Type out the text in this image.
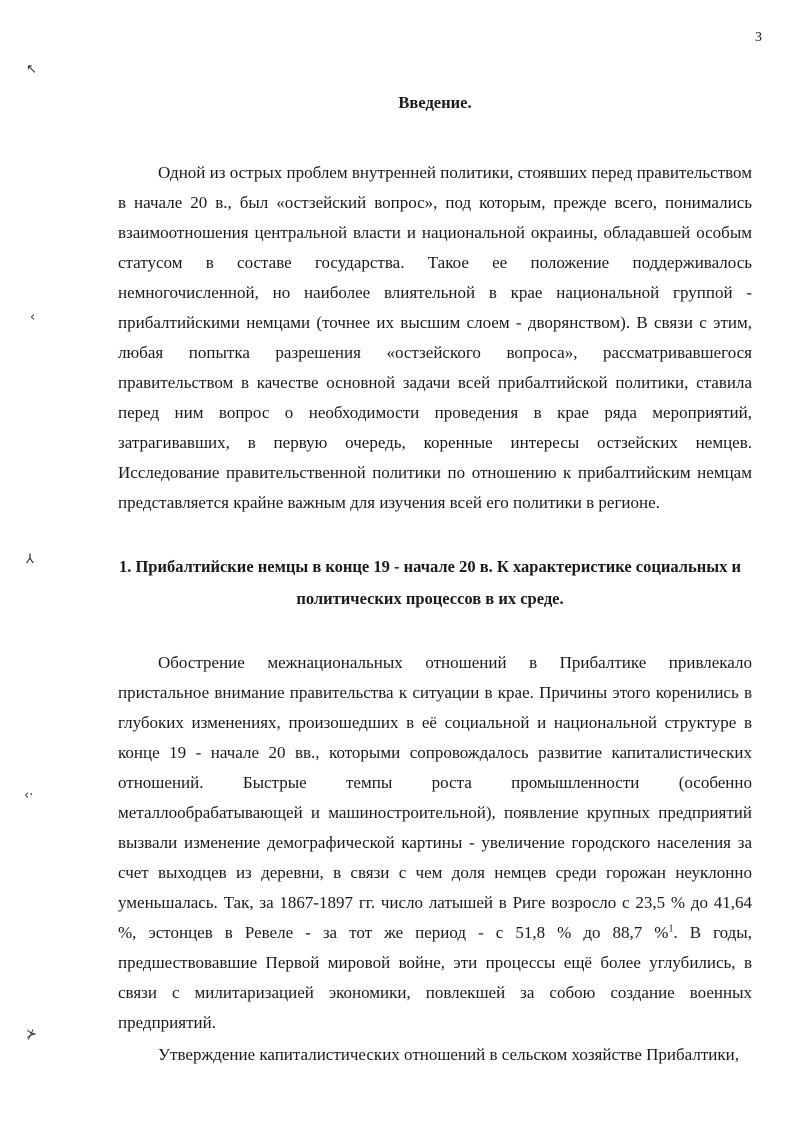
3
↖
‹
⅄
‹·
⊁
Введение.

Одной из острых проблем внутренней политики, стоявших перед правительством в начале 20 в., был «остзейский вопрос», под которым, прежде всего, понимались взаимоотношения центральной власти и национальной окраины, обладавшей особым статусом в составе государства. Такое ее положение поддерживалось немногочисленной, но наиболее влиятельной в крае национальной группой - прибалтийскими немцами (точнее их высшим слоем - дворянством). В связи с этим, любая попытка разрешения «остзейского вопроса», рассматривавшегося правительством в качестве основной задачи всей прибалтийской политики, ставила перед ним вопрос о необходимости проведения в крае ряда мероприятий, затрагивавших, в первую очередь, коренные интересы остзейских немцев. Исследование правительственной политики по отношению к прибалтийским немцам представляется крайне важным для изучения всей его политики в регионе.

1. Прибалтийские немцы в конце 19 - начале 20 в. К характеристике социальных и политических процессов в их среде.

Обострение межнациональных отношений в Прибалтике привлекало пристальное внимание правительства к ситуации в крае. Причины этого коренились в глубоких изменениях, произошедших в её социальной и национальной структуре в конце 19 - начале 20 вв., которыми сопровождалось развитие капиталистических отношений. Быстрые темпы роста промышленности (особенно металлообрабатывающей и машиностроительной), появление крупных предприятий вызвали изменение демографической картины - увеличение городского населения за счет выходцев из деревни, в связи с чем доля немцев среди горожан неуклонно уменьшалась. Так, за 1867-1897 гг. число латышей в Риге возросло с 23,5 % до 41,64 %, эстонцев в Ревеле - за тот же период - с 51,8 % до 88,7 %$^1$. В годы, предшествовавшие Первой мировой войне, эти процессы ещё более углубились, в связи с милитаризацией экономики, повлекшей за собою создание военных предприятий.

Утверждение капиталистических отношений в сельском хозяйстве Прибалтики,
